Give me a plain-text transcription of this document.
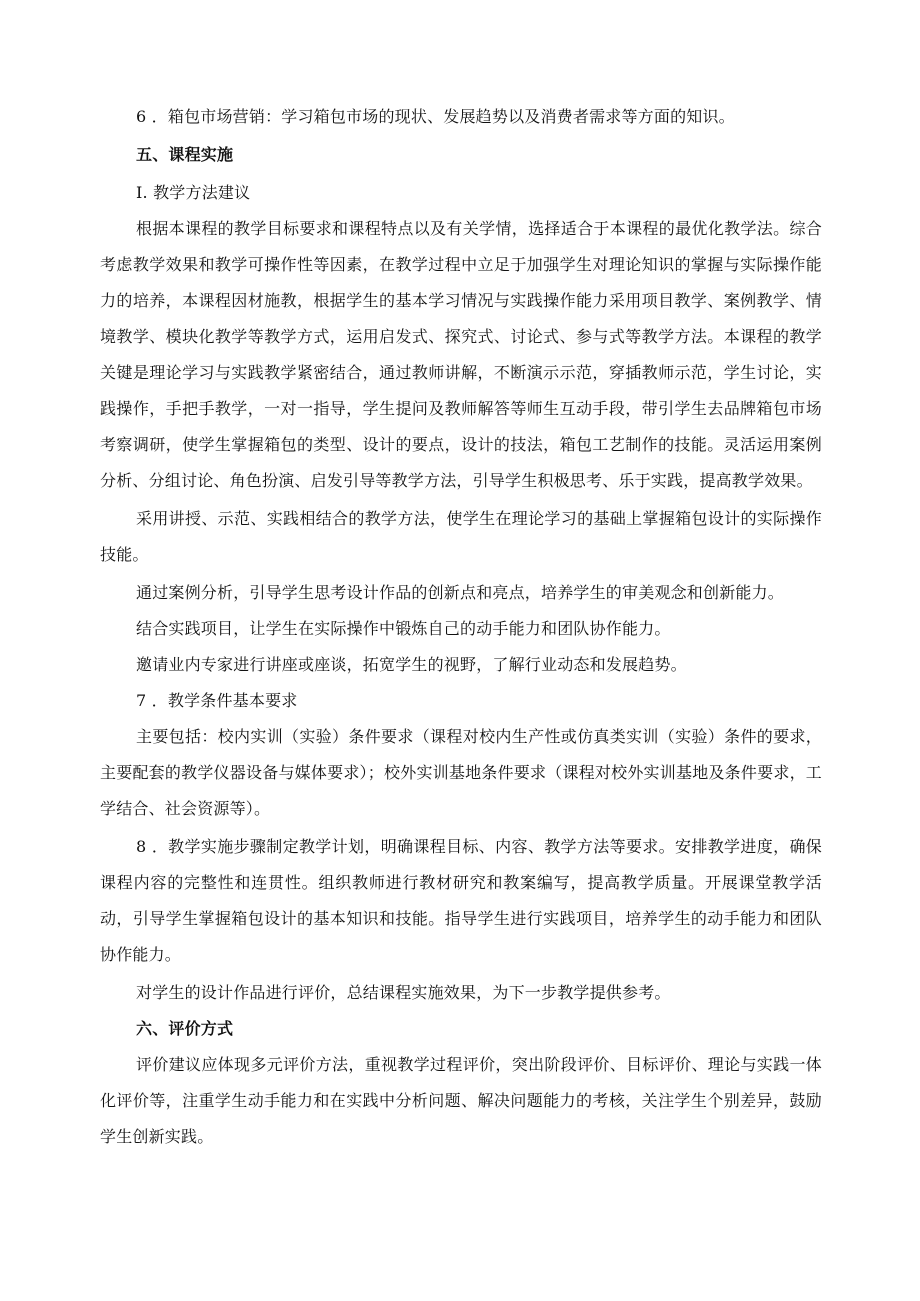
6 ．箱包市场营销：学习箱包市场的现状、发展趋势以及消费者需求等方面的知识。

五、课程实施

I. 教学方法建议

根据本课程的教学目标要求和课程特点以及有关学情，选择适合于本课程的最优化教学法。综合考虑教学效果和教学可操作性等因素，在教学过程中立足于加强学生对理论知识的掌握与实际操作能力的培养，本课程因材施教，根据学生的基本学习情况与实践操作能力采用项目教学、案例教学、情境教学、模块化教学等教学方式，运用启发式、探究式、讨论式、参与式等教学方法。本课程的教学关键是理论学习与实践教学紧密结合，通过教师讲解，不断演示示范，穿插教师示范，学生讨论，实践操作，手把手教学，一对一指导，学生提问及教师解答等师生互动手段，带引学生去品牌箱包市场考察调研，使学生掌握箱包的类型、设计的要点，设计的技法，箱包工艺制作的技能。灵活运用案例分析、分组讨论、角色扮演、启发引导等教学方法，引导学生积极思考、乐于实践，提高教学效果。

采用讲授、示范、实践相结合的教学方法，使学生在理论学习的基础上掌握箱包设计的实际操作技能。

通过案例分析，引导学生思考设计作品的创新点和亮点，培养学生的审美观念和创新能力。

结合实践项目，让学生在实际操作中锻炼自己的动手能力和团队协作能力。

邀请业内专家进行讲座或座谈，拓宽学生的视野，了解行业动态和发展趋势。

7 ．教学条件基本要求

主要包括：校内实训（实验）条件要求（课程对校内生产性或仿真类实训（实验）条件的要求，主要配套的教学仪器设备与媒体要求）；校外实训基地条件要求（课程对校外实训基地及条件要求，工学结合、社会资源等）。

8 ．教学实施步骤制定教学计划，明确课程目标、内容、教学方法等要求。安排教学进度，确保课程内容的完整性和连贯性。组织教师进行教材研究和教案编写，提高教学质量。开展课堂教学活动，引导学生掌握箱包设计的基本知识和技能。指导学生进行实践项目，培养学生的动手能力和团队协作能力。

对学生的设计作品进行评价，总结课程实施效果，为下一步教学提供参考。

六、评价方式

评价建议应体现多元评价方法，重视教学过程评价，突出阶段评价、目标评价、理论与实践一体化评价等，注重学生动手能力和在实践中分析问题、解决问题能力的考核，关注学生个别差异，鼓励学生创新实践。
